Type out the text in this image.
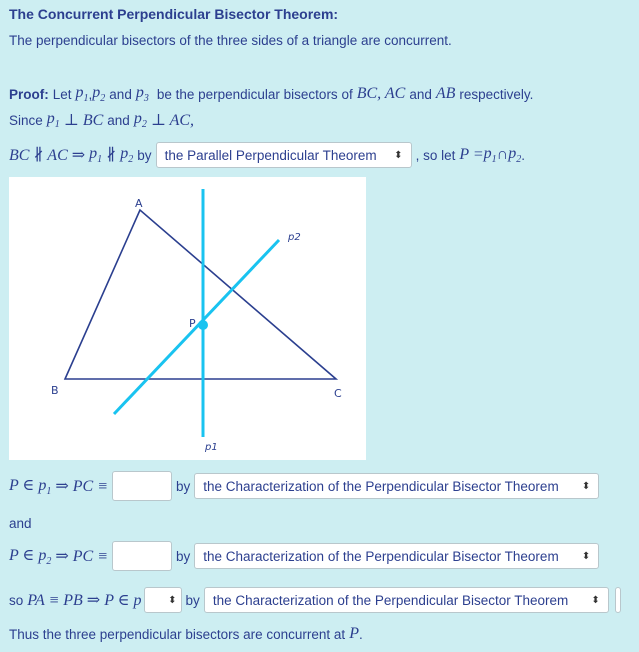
The Concurrent Perpendicular Bisector Theorem:
The perpendicular bisectors of the three sides of a triangle are concurrent.
Proof: Let $p_1$ , $p_2$ and $p_3$ be the perpendicular bisectors of BC, AC and AB respectively.
Since $p_1$ ⊥ BC and $p_2$ ⊥ AC,
BC ∦ AC ⇒ $p_1$ ∦ $p_2$ by the Parallel Perpendicular Theorem ⬍ , so let $P = p_1$ ∩ $p_2$ .
A
B	C
P
p2
p1
P ∈ $p_1$ ⇒ PC ≡	by the Characterization of the Perpendicular Bisector Theorem ⬍
and
P ∈ $p_2$ ⇒ PC ≡	by the Characterization of the Perpendicular Bisector Theorem ⬍
so PA ≡ PB ⇒ P ∈ p	⬍ by the Characterization of the Perpendicular Bisector Theorem ⬍
Thus the three perpendicular bisectors are concurrent at P .
